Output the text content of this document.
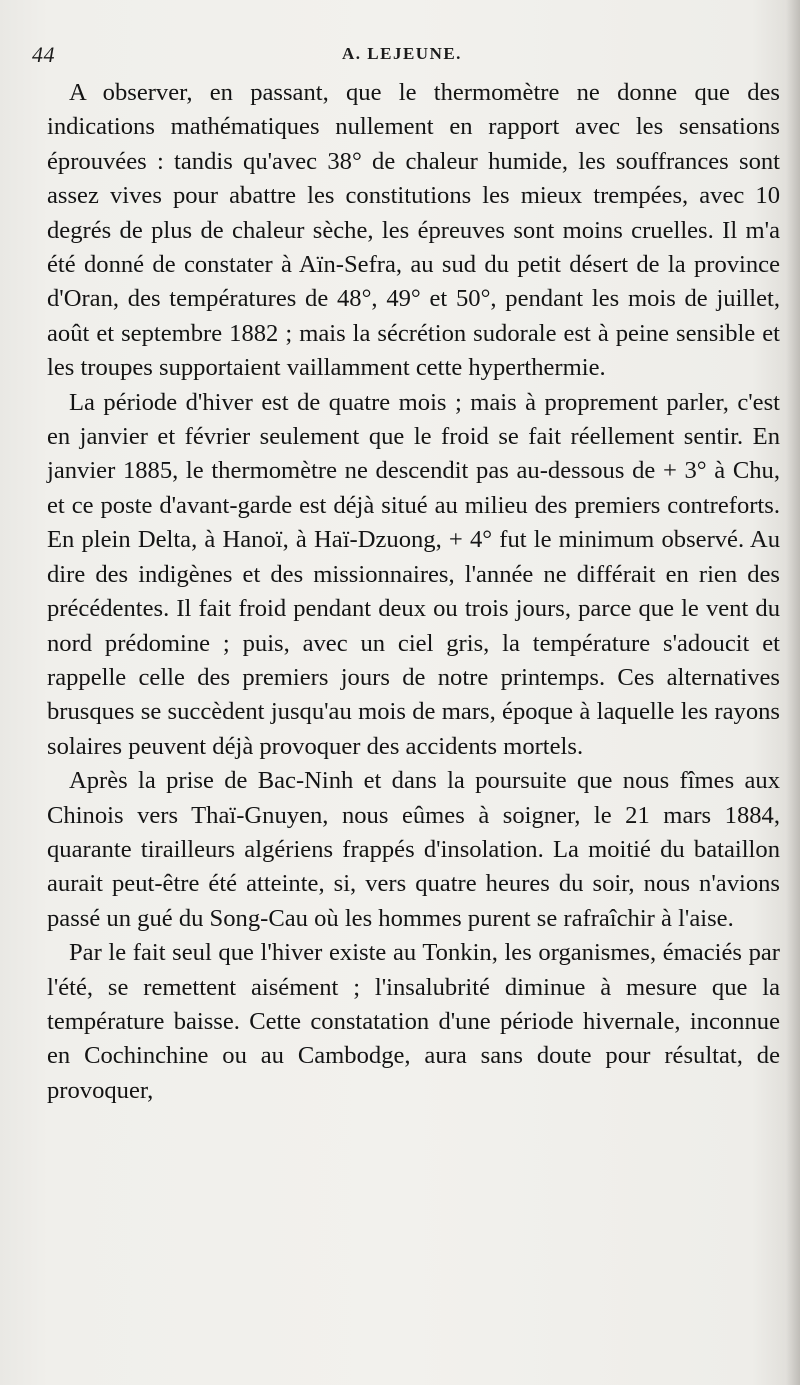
44	A. LEJEUNE.

A observer, en passant, que le thermomètre ne donne que des indications mathématiques nullement en rapport avec les sensations éprouvées : tandis qu'avec 38° de chaleur humide, les souffrances sont assez vives pour abattre les constitutions les mieux trempées, avec 10 degrés de plus de chaleur sèche, les épreuves sont moins cruelles. Il m'a été donné de constater à Aïn-Sefra, au sud du petit désert de la province d'Oran, des températures de 48°, 49° et 50°, pendant les mois de juillet, août et septembre 1882 ; mais la sécrétion sudorale est à peine sensible et les troupes supportaient vaillamment cette hyperthermie.

La période d'hiver est de quatre mois ; mais à proprement parler, c'est en janvier et février seulement que le froid se fait réellement sentir. En janvier 1885, le thermomètre ne descendit pas au-dessous de + 3° à Chu, et ce poste d'avant-garde est déjà situé au milieu des premiers contreforts. En plein Delta, à Hanoï, à Haï-Dzuong, + 4° fut le minimum observé. Au dire des indigènes et des missionnaires, l'année ne différait en rien des précédentes. Il fait froid pendant deux ou trois jours, parce que le vent du nord prédomine ; puis, avec un ciel gris, la température s'adoucit et rappelle celle des premiers jours de notre printemps. Ces alternatives brusques se succèdent jusqu'au mois de mars, époque à laquelle les rayons solaires peuvent déjà provoquer des accidents mortels.

Après la prise de Bac-Ninh et dans la poursuite que nous fîmes aux Chinois vers Thaï-Gnuyen, nous eûmes à soigner, le 21 mars 1884, quarante tirailleurs algériens frappés d'insolation. La moitié du bataillon aurait peut-être été atteinte, si, vers quatre heures du soir, nous n'avions passé un gué du Song-Cau où les hommes purent se rafraîchir à l'aise.

Par le fait seul que l'hiver existe au Tonkin, les organismes, émaciés par l'été, se remettent aisément ; l'insalubrité diminue à mesure que la température baisse. Cette constatation d'une période hivernale, inconnue en Cochinchine ou au Cambodge, aura sans doute pour résultat, de provoquer,
